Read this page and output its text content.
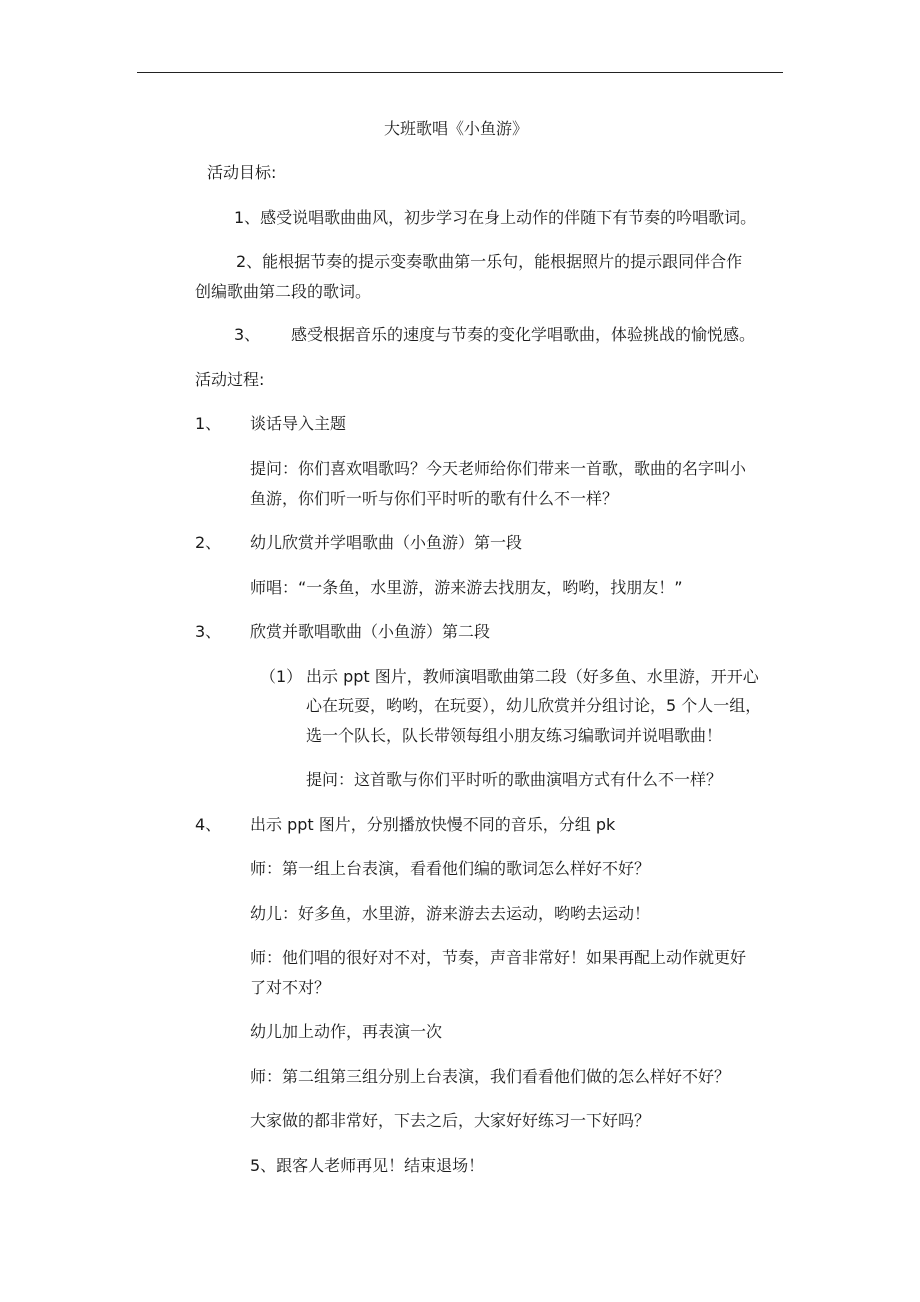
大班歌唱《小鱼游》
活动目标:
1、感受说唱歌曲曲风，初步学习在身上动作的伴随下有节奏的吟唱歌词。
2、能根据节奏的提示变奏歌曲第一乐句，能根据照片的提示跟同伴合作
创编歌曲第二段的歌词。
3、 感受根据音乐的速度与节奏的变化学唱歌曲，体验挑战的愉悦感。
活动过程:
1、 谈话导入主题
提问：你们喜欢唱歌吗？今天老师给你们带来一首歌，歌曲的名字叫小
鱼游，你们听一听与你们平时听的歌有什么不一样？
2、 幼儿欣赏并学唱歌曲（小鱼游）第一段
师唱：“一条鱼，水里游，游来游去找朋友，哟哟，找朋友！”
3、 欣赏并歌唱歌曲（小鱼游）第二段
（1） 出示 ppt 图片，教师演唱歌曲第二段（好多鱼、水里游，开开心
心在玩耍，哟哟，在玩耍），幼儿欣赏并分组讨论，5 个人一组，
选一个队长，队长带领每组小朋友练习编歌词并说唱歌曲！
提问：这首歌与你们平时听的歌曲演唱方式有什么不一样？
4、 出示 ppt 图片，分别播放快慢不同的音乐，分组 pk
师：第一组上台表演，看看他们编的歌词怎么样好不好？
幼儿：好多鱼，水里游，游来游去去运动，哟哟去运动！
师：他们唱的很好对不对，节奏，声音非常好！如果再配上动作就更好
了对不对？
幼儿加上动作，再表演一次
师：第二组第三组分别上台表演，我们看看他们做的怎么样好不好？
大家做的都非常好，下去之后，大家好好练习一下好吗？
5、跟客人老师再见！结束退场！
